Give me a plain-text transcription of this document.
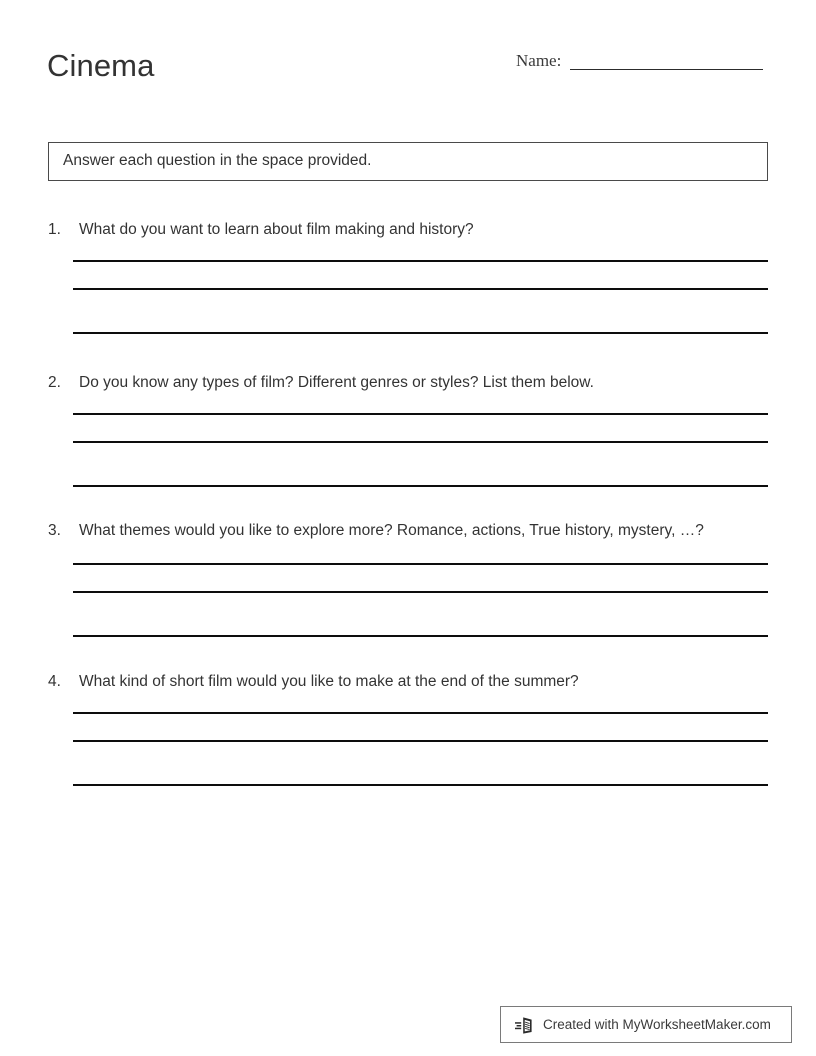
Cinema	Name:
Answer each question in the space provided.
1.	What do you want to learn about film making and history?
2.	Do you know any types of film? Different genres or styles? List them below.
3.	What themes would you like to explore more? Romance, actions, True history, mystery, …?
4.	What kind of short film would you like to make at the end of the summer?
Created with MyWorksheetMaker.com
